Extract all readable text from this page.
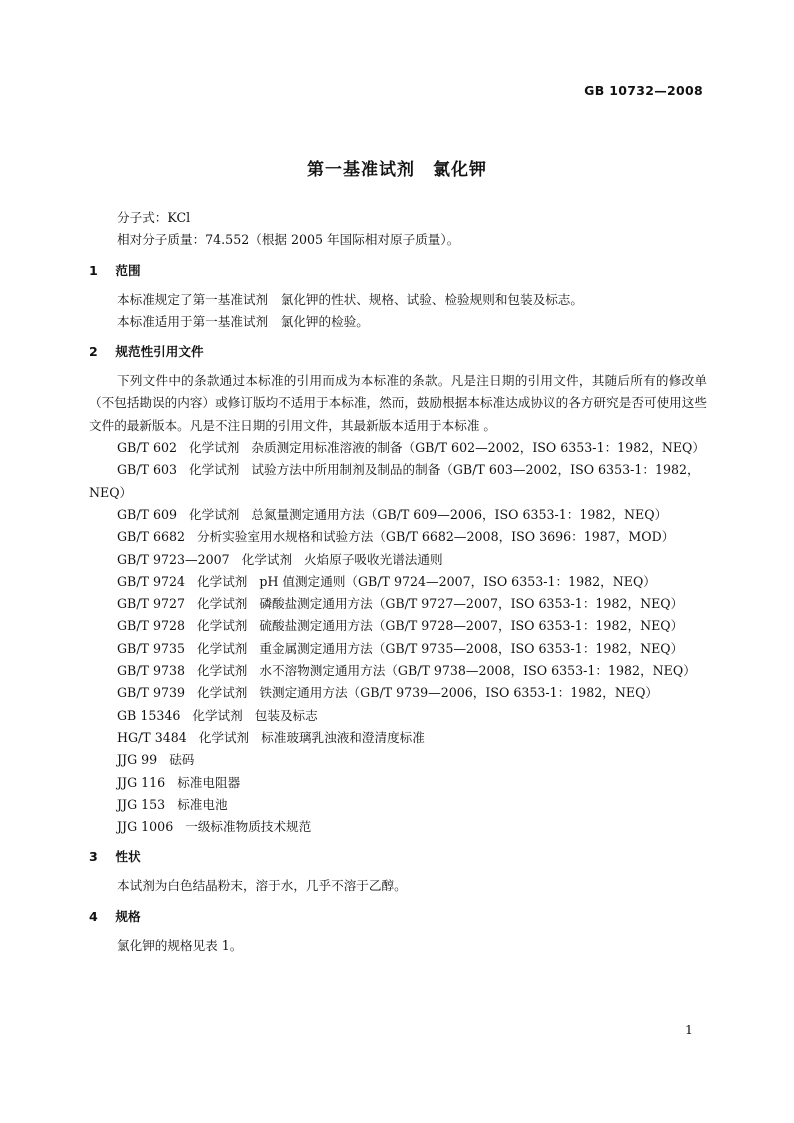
GB 10732—2008
第一基准试剂　氯化钾
分子式：KCl
相对分子质量：74.552（根据 2005 年国际相对原子质量）。
1 范围
本标准规定了第一基准试剂　氯化钾的性状、规格、试验、检验规则和包装及标志。
本标准适用于第一基准试剂　氯化钾的检验。
2 规范性引用文件
下列文件中的条款通过本标准的引用而成为本标准的条款。凡是注日期的引用文件，其随后所有的修改单（不包括勘误的内容）或修订版均不适用于本标准，然而，鼓励根据本标准达成协议的各方研究是否可使用这些文件的最新版本。凡是不注日期的引用文件，其最新版本适用于本标准 。
GB/T 602 化学试剂 杂质测定用标准溶液的制备（GB/T 602—2002，ISO 6353-1：1982，NEQ）
GB/T 603 化学试剂 试验方法中所用制剂及制品的制备（GB/T 603—2002，ISO 6353-1：1982，NEQ）
GB/T 609 化学试剂 总氮量测定通用方法（GB/T 609—2006，ISO 6353-1：1982，NEQ）
GB/T 6682 分析实验室用水规格和试验方法（GB/T 6682—2008，ISO 3696：1987，MOD）
GB/T 9723—2007 化学试剂 火焰原子吸收光谱法通则
GB/T 9724 化学试剂 pH 值测定通则（GB/T 9724—2007，ISO 6353-1：1982，NEQ）
GB/T 9727 化学试剂 磷酸盐测定通用方法（GB/T 9727—2007，ISO 6353-1：1982，NEQ）
GB/T 9728 化学试剂 硫酸盐测定通用方法（GB/T 9728—2007，ISO 6353-1：1982，NEQ）
GB/T 9735 化学试剂 重金属测定通用方法（GB/T 9735—2008，ISO 6353-1：1982，NEQ）
GB/T 9738 化学试剂 水不溶物测定通用方法（GB/T 9738—2008，ISO 6353-1：1982，NEQ）
GB/T 9739 化学试剂 铁测定通用方法（GB/T 9739—2006，ISO 6353-1：1982，NEQ）
GB 15346 化学试剂 包装及标志
HG/T 3484 化学试剂 标准玻璃乳浊液和澄清度标准
JJG 99 砝码
JJG 116 标准电阻器
JJG 153 标准电池
JJG 1006 一级标准物质技术规范
3 性状
本试剂为白色结晶粉末，溶于水，几乎不溶于乙醇。
4 规格
氯化钾的规格见表 1。
1
